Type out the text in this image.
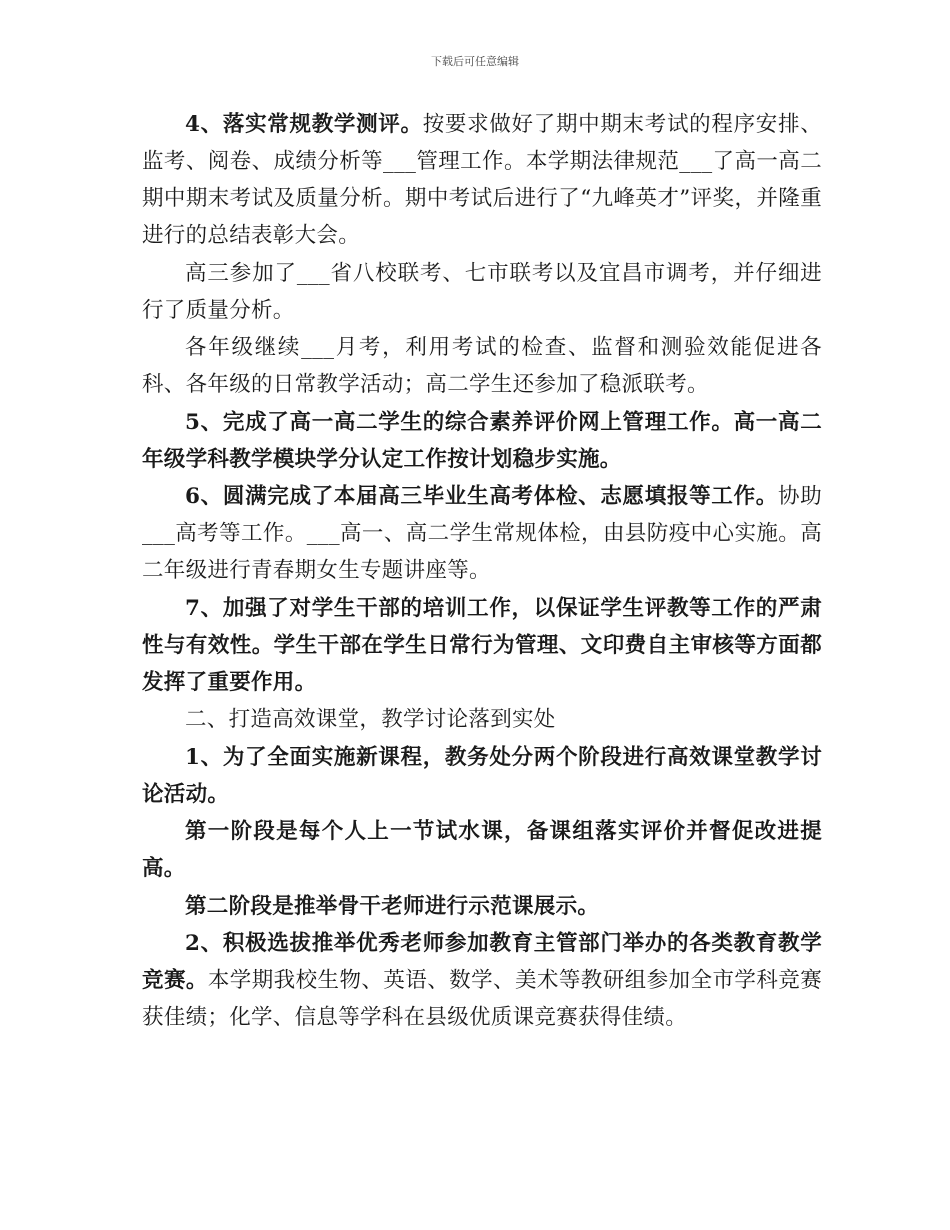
下载后可任意编辑

4、落实常规教学测评。按要求做好了期中期末考试的程序安排、监考、阅卷、成绩分析等___管理工作。本学期法律规范___了高一高二期中期末考试及质量分析。期中考试后进行了“九峰英才”评奖，并隆重进行的总结表彰大会。

高三参加了___省八校联考、七市联考以及宜昌市调考，并仔细进行了质量分析。

各年级继续___月考，利用考试的检查、监督和测验效能促进各科、各年级的日常教学活动；高二学生还参加了稳派联考。

5、完成了高一高二学生的综合素养评价网上管理工作。高一高二年级学科教学模块学分认定工作按计划稳步实施。

6、圆满完成了本届高三毕业生高考体检、志愿填报等工作。协助___高考等工作。___高一、高二学生常规体检，由县防疫中心实施。高二年级进行青春期女生专题讲座等。

7、加强了对学生干部的培训工作，以保证学生评教等工作的严肃性与有效性。学生干部在学生日常行为管理、文印费自主审核等方面都发挥了重要作用。

二、打造高效课堂，教学讨论落到实处

1、为了全面实施新课程，教务处分两个阶段进行高效课堂教学讨论活动。

第一阶段是每个人上一节试水课，备课组落实评价并督促改进提高。

第二阶段是推举骨干老师进行示范课展示。

2、积极选拔推举优秀老师参加教育主管部门举办的各类教育教学竞赛。本学期我校生物、英语、数学、美术等教研组参加全市学科竞赛获佳绩；化学、信息等学科在县级优质课竞赛获得佳绩。
